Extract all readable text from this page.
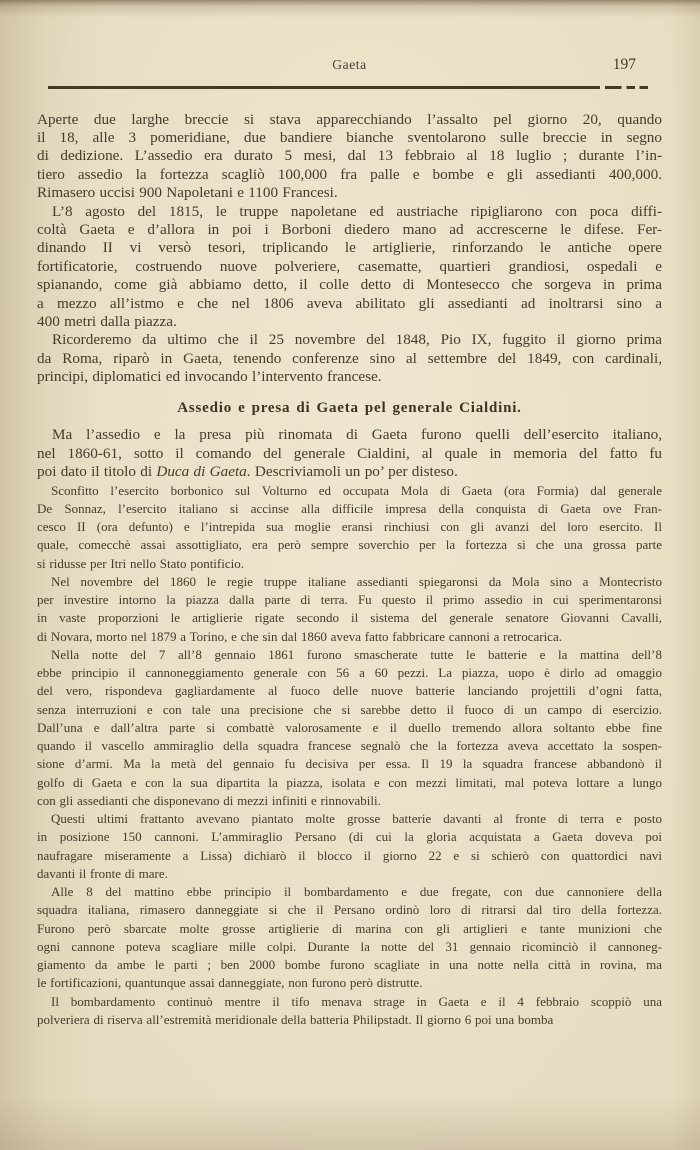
Gaeta	197
Aperte due larghe breccie si stava apparecchiando l’assalto pel giorno 20, quando
il 18, alle 3 pomeridiane, due bandiere bianche sventolarono sulle breccie in segno
di dedizione. L’assedio era durato 5 mesi, dal 13 febbraio al 18 luglio ; durante l’in-
tiero assedio la fortezza scagliò 100,000 fra palle e bombe e gli assedianti 400,000.
Rimasero uccisi 900 Napoletani e 1100 Francesi.
L’8 agosto del 1815, le truppe napoletane ed austriache ripigliarono con poca diffi-
coltà Gaeta e d’allora in poi i Borboni diedero mano ad accrescerne le difese. Fer-
dinando II vi versò tesori, triplicando le artiglierie, rinforzando le antiche opere
fortificatorie, costruendo nuove polveriere, casematte, quartieri grandiosi, ospedali e
spianando, come già abbiamo detto, il colle detto di Montesecco che sorgeva in prima
a mezzo all’istmo e che nel 1806 aveva abilitato gli assedianti ad inoltrarsi sino a
400 metri dalla piazza.
Ricorderemo da ultimo che il 25 novembre del 1848, Pio IX, fuggito il giorno prima
da Roma, riparò in Gaeta, tenendo conferenze sino al settembre del 1849, con cardinali,
principi, diplomatici ed invocando l’intervento francese.
Assedio e presa di Gaeta pel generale Cialdini.
Ma l’assedio e la presa più rinomata di Gaeta furono quelli dell’esercito italiano,
nel 1860-61, sotto il comando del generale Cialdini, al quale in memoria del fatto fu
poi dato il titolo di Duca di Gaeta. Descriviamoli un po’ per disteso.
Sconfitto l’esercito borbonico sul Volturno ed occupata Mola di Gaeta (ora Formia) dal generale
De Sonnaz, l’esercito italiano si accinse alla difficile impresa della conquista di Gaeta ove Fran-
cesco II (ora defunto) e l’intrepida sua moglie eransi rinchiusi con gli avanzi del loro esercito. Il
quale, comecchè assai assottigliato, era però sempre soverchio per la fortezza si che una grossa parte
si ridusse per Itri nello Stato pontificio.
Nel novembre del 1860 le regie truppe italiane assedianti spiegaronsi da Mola sino a Montecristo
per investire intorno la piazza dalla parte di terra. Fu questo il primo assedio in cui sperimentaronsi
in vaste proporzioni le artiglierie rigate secondo il sistema del generale senatore Giovanni Cavalli,
di Novara, morto nel 1879 a Torino, e che sin dal 1860 aveva fatto fabbricare cannoni a retrocarica.
Nella notte del 7 all’8 gennaio 1861 furono smascherate tutte le batterie e la mattina dell’8
ebbe principio il cannoneggiamento generale con 56 a 60 pezzi. La piazza, uopo è dirlo ad omaggio
del vero, rispondeva gagliardamente al fuoco delle nuove batterie lanciando projettili d’ogni fatta,
senza interruzioni e con tale una precisione che si sarebbe detto il fuoco di un campo di esercizio.
Dall’una e dall’altra parte si combattè valorosamente e il duello tremendo allora soltanto ebbe fine
quando il vascello ammiraglio della squadra francese segnalò che la fortezza aveva accettato la sospen-
sione d’armi. Ma la metà del gennaio fu decisiva per essa. Il 19 la squadra francese abbandonò il
golfo di Gaeta e con la sua dipartita la piazza, isolata e con mezzi limitati, mal poteva lottare a lungo
con gli assedianti che disponevano di mezzi infiniti e rinnovabili.
Questi ultimi frattanto avevano piantato molte grosse batterie davanti al fronte di terra e posto
in posizione 150 cannoni. L’ammiraglio Persano (di cui la gloria acquistata a Gaeta doveva poi
naufragare miseramente a Lissa) dichiarò il blocco il giorno 22 e si schierò con quattordici navi
davanti il fronte di mare.
Alle 8 del mattino ebbe principio il bombardamento e due fregate, con due cannoniere della
squadra italiana, rimasero danneggiate si che il Persano ordinò loro di ritrarsi dal tiro della fortezza.
Furono però sbarcate molte grosse artiglierie di marina con gli artiglieri e tante munizioni che
ogni cannone poteva scagliare mille colpi. Durante la notte del 31 gennaio ricominciò il cannoneg-
giamento da ambe le parti ; ben 2000 bombe furono scagliate in una notte nella città in rovina, ma
le fortificazioni, quantunque assai danneggiate, non furono però distrutte.
Il bombardamento continuò mentre il tifo menava strage in Gaeta e il 4 febbraio scoppiò una
polveriera di riserva all’estremità meridionale della batteria Philipstadt. Il giorno 6 poi una bomba
